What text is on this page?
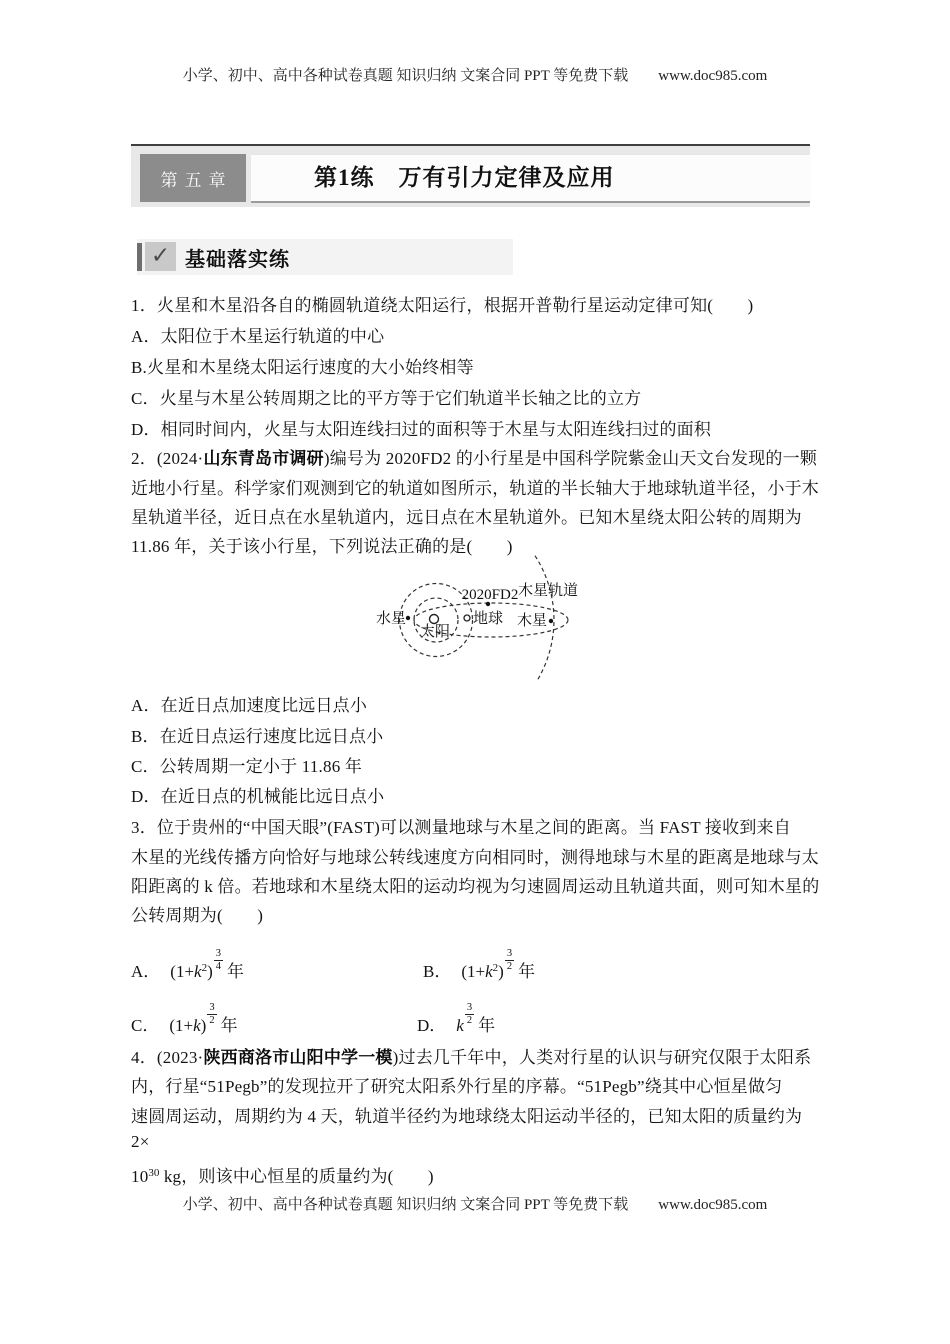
小学、初中、高中各种试卷真题 知识归纳 文案合同 PPT 等免费下载 www.doc985.com
第五章	第1练　万有引力定律及应用
✓ 基础落实练
1．火星和木星沿各自的椭圆轨道绕太阳运行，根据开普勒行星运动定律可知(　　)
A．太阳位于木星运行轨道的中心
B.火星和木星绕太阳运行速度的大小始终相等
C．火星与木星公转周期之比的平方等于它们轨道半长轴之比的立方
D．相同时间内，火星与太阳连线扫过的面积等于木星与太阳连线扫过的面积
2．(2024·山东青岛市调研)编号为 2020FD2 的小行星是中国科学院紫金山天文台发现的一颗
近地小行星。科学家们观测到它的轨道如图所示，轨道的半长轴大于地球轨道半径，小于木
星轨道半径，近日点在水星轨道内，远日点在木星轨道外。已知木星绕太阳公转的周期为
11.86 年，关于该小行星，下列说法正确的是(　　)
2020FD2 木星轨道
水星
太阳
地球 木星
A．在近日点加速度比远日点小
B．在近日点运行速度比远日点小
C．公转周期一定小于 11.86 年
D．在近日点的机械能比远日点小
3．位于贵州的“中国天眼”(FAST)可以测量地球与木星之间的距离。当 FAST 接收到来自
木星的光线传播方向恰好与地球公转线速度方向相同时，测得地球与木星的距离是地球与太
阳距离的 k 倍。若地球和木星绕太阳的运动均视为匀速圆周运动且轨道共面，则可知木星的
公转周期为(　　)
A． $(1+k^2) \frac{3}{4}$ 年	B． $(1+k^2) \frac{3}{2}$ 年
C． $(1+k) \frac{3}{2}$ 年	D． k $\frac{3}{2}$ 年
4．(2023·陕西商洛市山阳中学一模)过去几千年中，人类对行星的认识与研究仅限于太阳系
内，行星“51Pegb”的发现拉开了研究太阳系外行星的序幕。“51Pegb”绕其中心恒星做匀
速圆周运动，周期约为 4 天，轨道半径约为地球绕太阳运动半径的，已知太阳的质量约为
2×
$10^{30}$ kg，则该中心恒星的质量约为(　　)
小学、初中、高中各种试卷真题 知识归纳 文案合同 PPT 等免费下载 www.doc985.com
